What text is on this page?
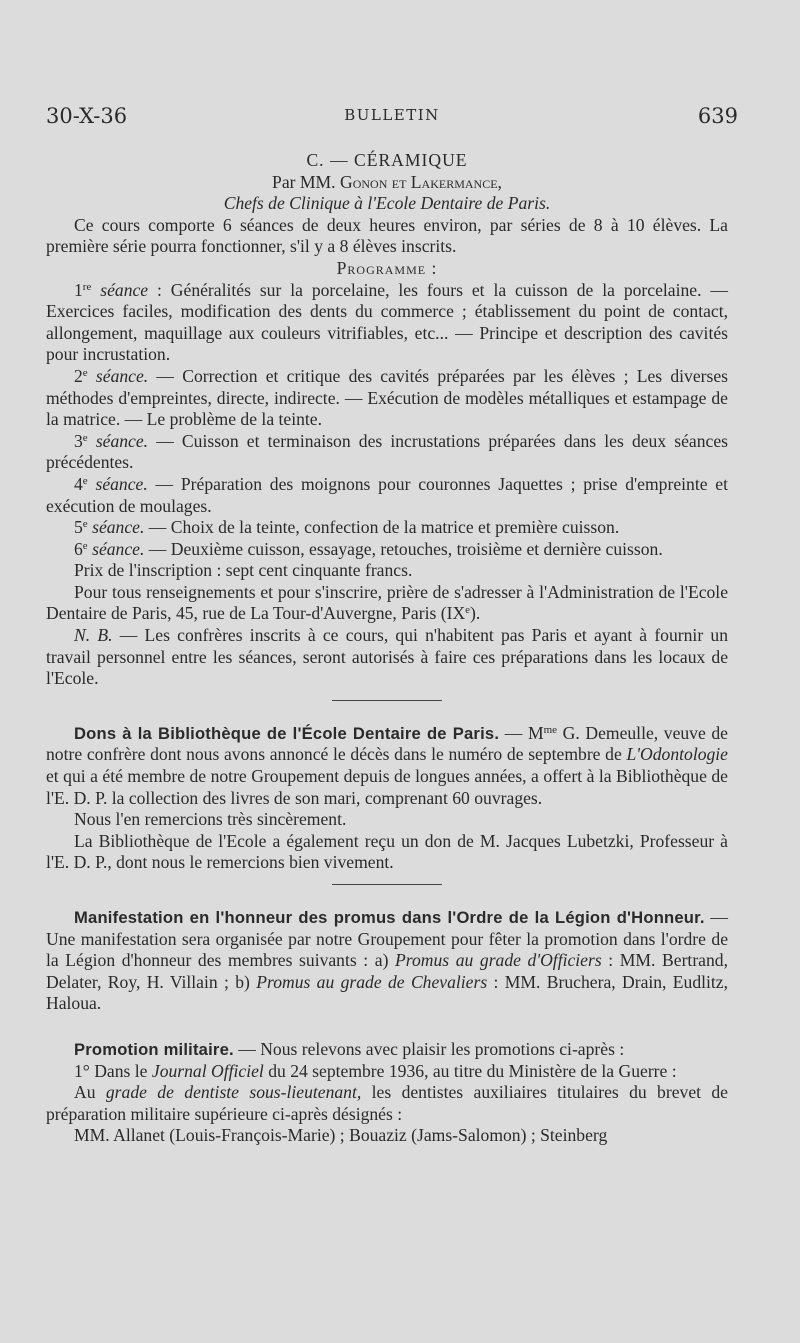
30-X-36	BULLETIN	639

C. — CÉRAMIQUE

Par MM. Gonon et Lakermance,

Chefs de Clinique à l'Ecole Dentaire de Paris.

Ce cours comporte 6 séances de deux heures environ, par séries de 8 à 10 élèves. La première série pourra fonctionner, s'il y a 8 élèves inscrits.

Programme :

1re séance : Généralités sur la porcelaine, les fours et la cuisson de la porcelaine. — Exercices faciles, modification des dents du commerce ; établissement du point de contact, allongement, maquillage aux couleurs vitrifiables, etc... — Principe et description des cavités pour incrustation.

2e séance. — Correction et critique des cavités préparées par les élèves ; Les diverses méthodes d'empreintes, directe, indirecte. — Exécution de modèles métalliques et estampage de la matrice. — Le problème de la teinte.

3e séance. — Cuisson et terminaison des incrustations préparées dans les deux séances précédentes.

4e séance. — Préparation des moignons pour couronnes Jaquettes ; prise d'empreinte et exécution de moulages.

5e séance. — Choix de la teinte, confection de la matrice et première cuisson.

6e séance. — Deuxième cuisson, essayage, retouches, troisième et dernière cuisson.

Prix de l'inscription : sept cent cinquante francs.

Pour tous renseignements et pour s'inscrire, prière de s'adresser à l'Administration de l'Ecole Dentaire de Paris, 45, rue de La Tour-d'Auvergne, Paris (IXe).

N. B. — Les confrères inscrits à ce cours, qui n'habitent pas Paris et ayant à fournir un travail personnel entre les séances, seront autorisés à faire ces préparations dans les locaux de l'Ecole.

Dons à la Bibliothèque de l'École Dentaire de Paris. — $M^{me}$ G. Demeulle, veuve de notre confrère dont nous avons annoncé le décès dans le numéro de septembre de L'Odontologie et qui a été membre de notre Groupement depuis de longues années, a offert à la Bibliothèque de l'E. D. P. la collection des livres de son mari, comprenant 60 ouvrages.

Nous l'en remercions très sincèrement.

La Bibliothèque de l'Ecole a également reçu un don de M. Jacques Lubetzki, Professeur à l'E. D. P., dont nous le remercions bien vivement.

Manifestation en l'honneur des promus dans l'Ordre de la Légion d'Honneur. — Une manifestation sera organisée par notre Groupement pour fêter la promotion dans l'ordre de la Légion d'honneur des membres suivants : a) Promus au grade d'Officiers : MM. Bertrand, Delater, Roy, H. Villain ; b) Promus au grade de Chevaliers : MM. Bruchera, Drain, Eudlitz, Haloua.

Promotion militaire. — Nous relevons avec plaisir les promotions ci-après :

1° Dans le Journal Officiel du 24 septembre 1936, au titre du Ministère de la Guerre :

Au grade de dentiste sous-lieutenant, les dentistes auxiliaires titulaires du brevet de préparation militaire supérieure ci-après désignés :

MM. Allanet (Louis-François-Marie) ; Bouaziz (Jams-Salomon) ; Steinberg
